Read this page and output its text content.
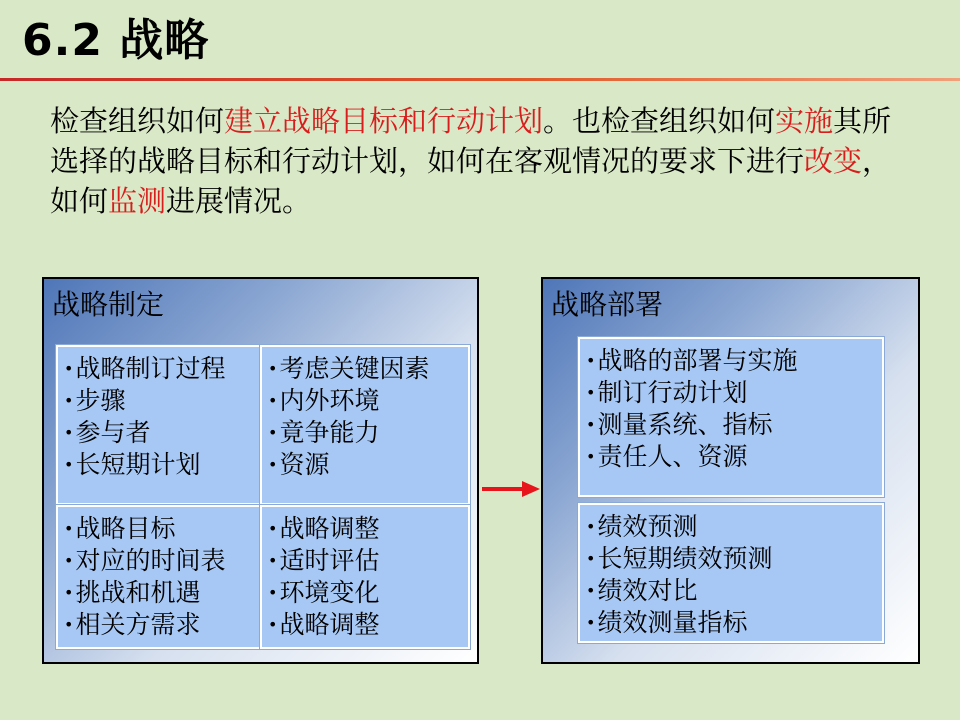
6.2 战略

检查组织如何建立战略目标和行动计划。也检查组织如何实施其所选择的战略目标和行动计划，如何在客观情况的要求下进行改变，如何监测进展情况。

战略制定
• 战略制订过程
• 步骤
• 参与者
• 长短期计划
• 考虑关键因素
• 内外环境
• 竟争能力
• 资源
• 战略目标
• 对应的时间表
• 挑战和机遇
• 相关方需求
• 战略调整
• 适时评估
• 环境变化
• 战略调整
战略部署
• 战略的部署与实施
• 制订行动计划
• 测量系统、指标
• 责任人、资源
• 绩效预测
• 长短期绩效预测
• 绩效对比
• 绩效测量指标
